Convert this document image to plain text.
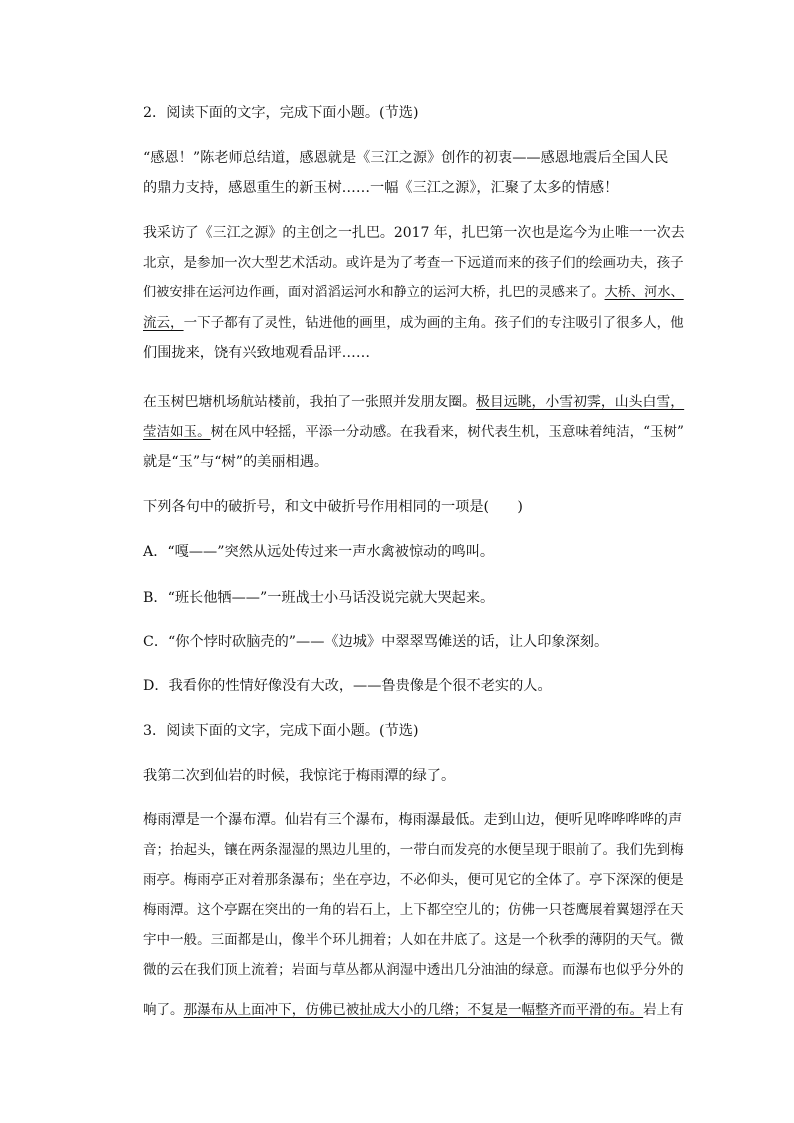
2．阅读下面的文字，完成下面小题。(节选)
“感恩！”陈老师总结道，感恩就是《三江之源》创作的初衷——感恩地震后全国人民
的鼎力支持，感恩重生的新玉树……一幅《三江之源》，汇聚了太多的情感！
我采访了《三江之源》的主创之一扎巴。2017 年，扎巴第一次也是迄今为止唯一一次去
北京，是参加一次大型艺术活动。或许是为了考查一下远道而来的孩子们的绘画功夫，孩子
们被安排在运河边作画，面对滔滔运河水和静立的运河大桥，扎巴的灵感来了。大桥、河水、
流云，一下子都有了灵性，钻进他的画里，成为画的主角。孩子们的专注吸引了很多人，他
们围拢来，饶有兴致地观看品评……
在玉树巴塘机场航站楼前，我拍了一张照并发朋友圈。极目远眺，小雪初霁，山头白雪，
莹洁如玉。树在风中轻摇，平添一分动感。在我看来，树代表生机，玉意味着纯洁，“玉树”
就是“玉”与“树”的美丽相遇。
下列各句中的破折号，和文中破折号作用相同的一项是(　　)
A．“嘎——”突然从远处传过来一声水禽被惊动的鸣叫。
B．“班长他牺——”一班战士小马话没说完就大哭起来。
C．“你个悖时砍脑壳的”——《边城》中翠翠骂傩送的话，让人印象深刻。
D．我看你的性情好像没有大改，——鲁贵像是个很不老实的人。
3．阅读下面的文字，完成下面小题。(节选)
我第二次到仙岩的时候，我惊诧于梅雨潭的绿了。
梅雨潭是一个瀑布潭。仙岩有三个瀑布，梅雨瀑最低。走到山边，便听见哗哗哗哗的声
音；抬起头，镶在两条湿湿的黑边儿里的，一带白而发亮的水便呈现于眼前了。我们先到梅
雨亭。梅雨亭正对着那条瀑布；坐在亭边，不必仰头，便可见它的全体了。亭下深深的便是
梅雨潭。这个亭踞在突出的一角的岩石上，上下都空空儿的；仿佛一只苍鹰展着翼翅浮在天
宇中一般。三面都是山，像半个环儿拥着；人如在井底了。这是一个秋季的薄阴的天气。微
微的云在我们顶上流着；岩面与草丛都从润湿中透出几分油油的绿意。而瀑布也似乎分外的
响了。那瀑布从上面冲下，仿佛已被扯成大小的几绺；不复是一幅整齐而平滑的布。岩上有
